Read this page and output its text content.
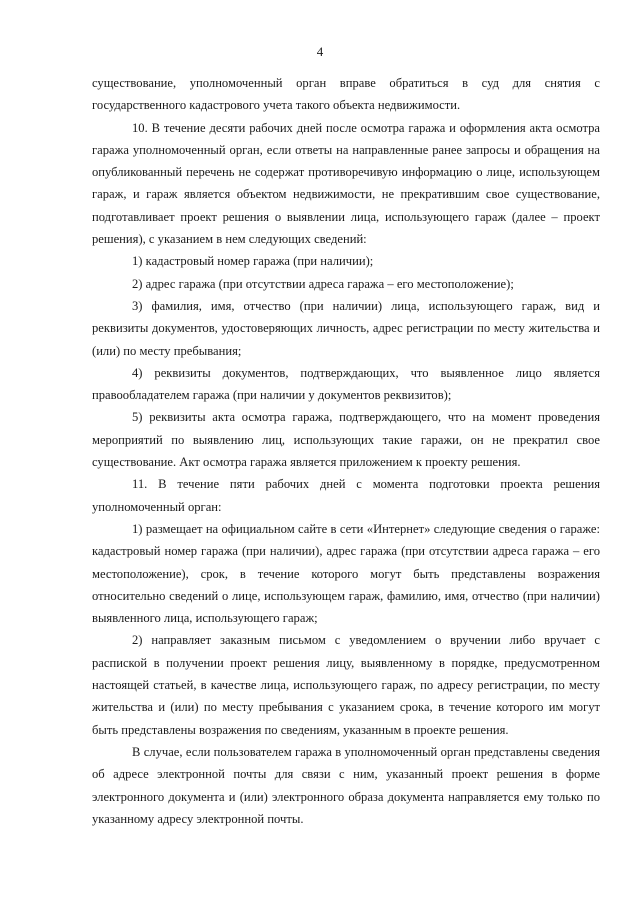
4

существование, уполномоченный орган вправе обратиться в суд для снятия с государственного кадастрового учета такого объекта недвижимости.

10. В течение десяти рабочих дней после осмотра гаража и оформления акта осмотра гаража уполномоченный орган, если ответы на направленные ранее запросы и обращения на опубликованный перечень не содержат противоречивую информацию о лице, использующем гараж, и гараж является объектом недвижимости, не прекратившим свое существование, подготавливает проект решения о выявлении лица, использующего гараж (далее – проект решения), с указанием в нем следующих сведений:

1) кадастровый номер гаража (при наличии);

2) адрес гаража (при отсутствии адреса гаража – его местоположение);

3) фамилия, имя, отчество (при наличии) лица, использующего гараж, вид и реквизиты документов, удостоверяющих личность, адрес регистрации по месту жительства и (или) по месту пребывания;

4) реквизиты документов, подтверждающих, что выявленное лицо является правообладателем гаража (при наличии у документов реквизитов);

5) реквизиты акта осмотра гаража, подтверждающего, что на момент проведения мероприятий по выявлению лиц, использующих такие гаражи, он не прекратил свое существование. Акт осмотра гаража является приложением к проекту решения.

11. В течение пяти рабочих дней с момента подготовки проекта решения уполномоченный орган:

1) размещает на официальном сайте в сети «Интернет» следующие сведения о гараже: кадастровый номер гаража (при наличии), адрес гаража (при отсутствии адреса гаража – его местоположение), срок, в течение которого могут быть представлены возражения относительно сведений о лице, использующем гараж, фамилию, имя, отчество (при наличии) выявленного лица, использующего гараж;

2) направляет заказным письмом с уведомлением о вручении либо вручает с распиской в получении проект решения лицу, выявленному в порядке, предусмотренном настоящей статьей, в качестве лица, использующего гараж, по адресу регистрации, по месту жительства и (или) по месту пребывания с указанием срока, в течение которого им могут быть представлены возражения по сведениям, указанным в проекте решения.

В случае, если пользователем гаража в уполномоченный орган представлены сведения об адресе электронной почты для связи с ним, указанный проект решения в форме электронного документа и (или) электронного образа документа направляется ему только по указанному адресу электронной почты.
